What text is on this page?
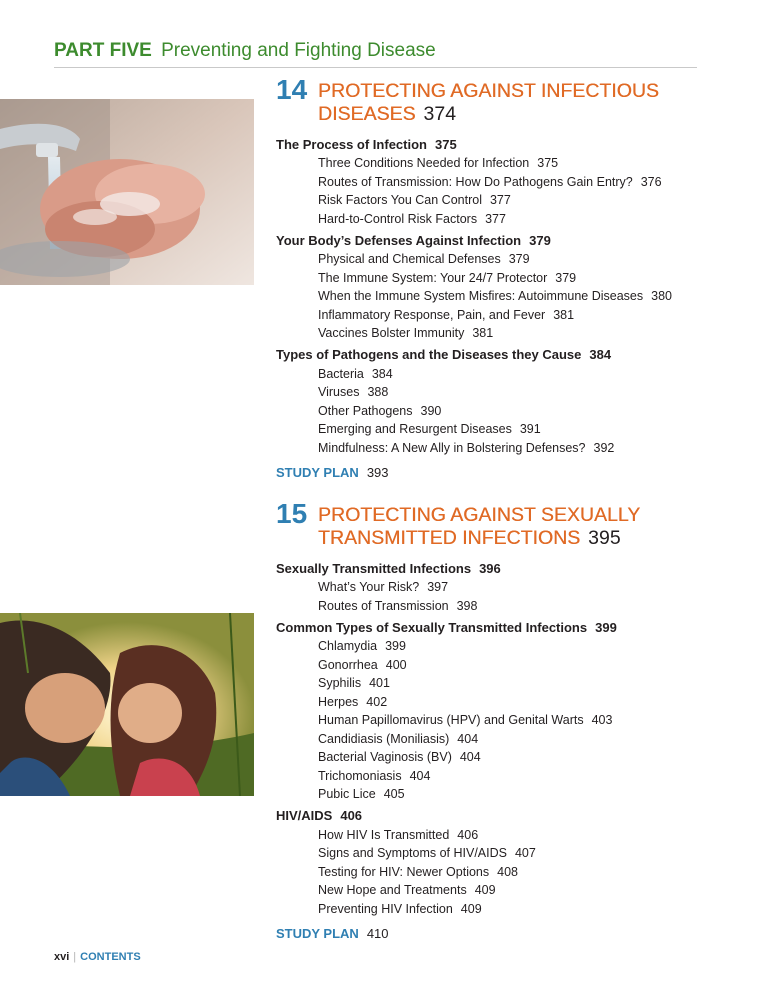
PART FIVE Preventing and Fighting Disease
14 PROTECTING AGAINST INFECTIOUS
DISEASES 374
The Process of Infection 375
Three Conditions Needed for Infection 375
Routes of Transmission: How Do Pathogens Gain Entry? 376
Risk Factors You Can Control 377
Hard-to-Control Risk Factors 377
Your Body’s Defenses Against Infection 379
Physical and Chemical Defenses 379
The Immune System: Your 24/7 Protector 379
When the Immune System Misfires: Autoimmune Diseases 380
Inflammatory Response, Pain, and Fever 381
Vaccines Bolster Immunity 381
Types of Pathogens and the Diseases they Cause 384
Bacteria 384
Viruses 388
Other Pathogens 390
Emerging and Resurgent Diseases 391
Mindfulness: A New Ally in Bolstering Defenses? 392
STUDY PLAN 393
15 PROTECTING AGAINST SEXUALLY
TRANSMITTED INFECTIONS 395
Sexually Transmitted Infections 396
What’s Your Risk? 397
Routes of Transmission 398
Common Types of Sexually Transmitted Infections 399
Chlamydia 399
Gonorrhea 400
Syphilis 401
Herpes 402
Human Papillomavirus (HPV) and Genital Warts 403
Candidiasis (Moniliasis) 404
Bacterial Vaginosis (BV) 404
Trichomoniasis 404
Pubic Lice 405
HIV/AIDS 406
How HIV Is Transmitted 406
Signs and Symptoms of HIV/AIDS 407
Testing for HIV: Newer Options 408
New Hope and Treatments 409
Preventing HIV Infection 409
STUDY PLAN 410
xvi | CONTENTS
